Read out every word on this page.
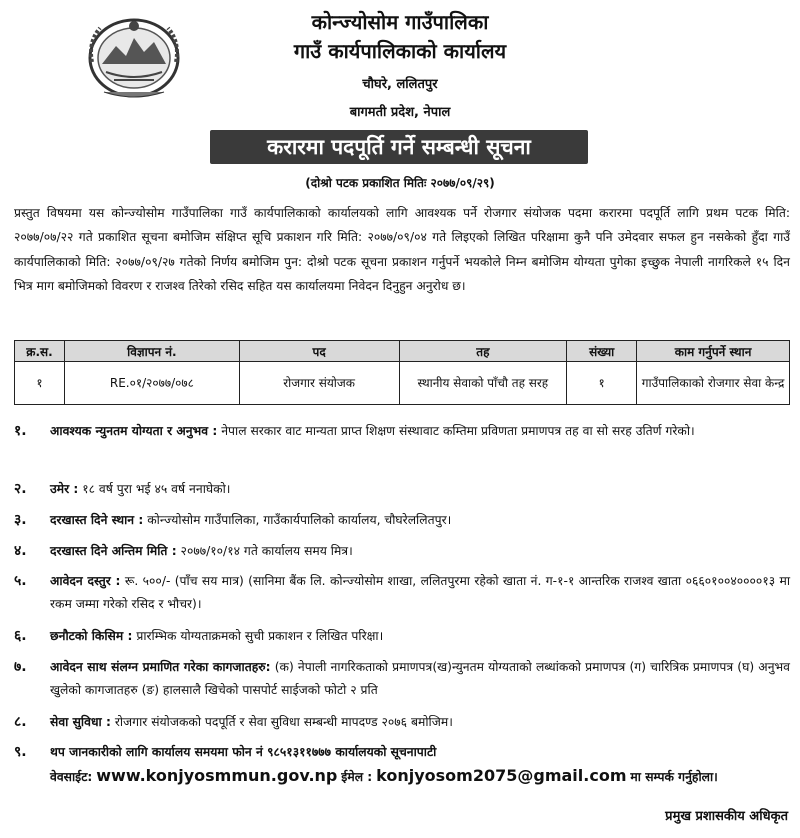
कोन्ज्योसोम गाउँपालिका
गाउँ कार्यपालिकाको कार्यालय
चौघरे, ललितपुर
बागमती प्रदेश, नेपाल
करारमा पदपूर्ति गर्ने सम्बन्धी सूचना
(दोश्रो पटक प्रकाशित मितिः २०७७/०९/२९)
प्रस्तुत विषयमा यस कोन्ज्योसोम गाउँपालिका गाउँ कार्यपालिकाको कार्यालयको लागि आवश्यक पर्ने रोजगार संयोजक पदमा करारमा पदपूर्ति लागि प्रथम पटक मिति: २०७७/०७/२२ गते प्रकाशित सूचना बमोजिम संक्षिप्त सूचि प्रकाशन गरि मिति: २०७७/०९/०४ गते लिइएको लिखित परिक्षामा कुनै पनि उमेदवार सफल हुन नसकेको हुँदा गाउँ कार्यपालिकाको मिति: २०७७/०९/२७ गतेको निर्णय बमोजिम पुन: दोश्रो पटक सूचना प्रकाशन गर्नुपर्ने भयकोले निम्न बमोजिम योग्यता पुगेका इच्छुक नेपाली नागरिकले १५ दिन भित्र माग बमोजिमको विवरण र राजश्व तिरेको रसिद सहित यस कार्यालयमा निवेदन दिनुहुन अनुरोध छ।
क्र.स.	विज्ञापन नं.	पद	तह	संख्या	काम गर्नुपर्ने स्थान
१	RE.०१/२०७७/०७८	रोजगार संयोजक	स्थानीय सेवाको पाँचौ तह सरह	१	गाउँपालिकाको रोजगार सेवा केन्द्र
१.	आवश्यक न्युनतम योग्यता र अनुभव : नेपाल सरकार वाट मान्यता प्राप्त शिक्षण संस्थावाट कम्तिमा प्रविणता प्रमाणपत्र तह वा सो सरह उतिर्ण गरेको।
२.	उमेर : १८ वर्ष पुरा भई ४५ वर्ष ननाघेको।
३.	दरखास्त दिने स्थान : कोन्ज्योसोम गाउँपालिका, गाउँकार्यपालिको कार्यालय, चौघरेललितपुर।
४.	दरखास्त दिने अन्तिम मिति : २०७७/१०/१४ गते कार्यालय समय मित्र।
५.	आवेदन दस्तुर : रू. ५००/- (पाँच सय मात्र) (सानिमा बैंक लि. कोन्ज्योसोम शाखा, ललितपुरमा रहेको खाता नं. ग-१-१ आन्तरिक राजश्व खाता ०६६०१००४००००१३ मा रकम जम्मा गरेको रसिद र भौचर)।
६.	छनौटको किसिम : प्रारम्भिक योग्यताक्रमको सुची प्रकाशन र लिखित परिक्षा।
७.	आवेदन साथ संलग्न प्रमाणित गरेका कागजातहरु: (क) नेपाली नागरिकताको प्रमाणपत्र(ख)न्युनतम योग्यताको लब्धांकको प्रमाणपत्र (ग) चारित्रिक प्रमाणपत्र (घ) अनुभव खुलेको कागजातहरु (ङ) हालसालै खिचेको पासपोर्ट साईजको फोटो २ प्रति
८.	सेवा सुविधा : रोजगार संयोजकको पदपूर्ति र सेवा सुविधा सम्बन्धी मापदण्ड २०७६ बमोजिम।
९.	थप जानकारीको लागि कार्यालय समयमा फोन नं ९८५१३११७७७ कार्यालयको सूचनापाटी
वेवसाईट: www.konjyosmmun.gov.np ईमेल : konjyosom2075@gmail.com मा सम्पर्क गर्नुहोला।
प्रमुख प्रशासकीय अधिकृत
